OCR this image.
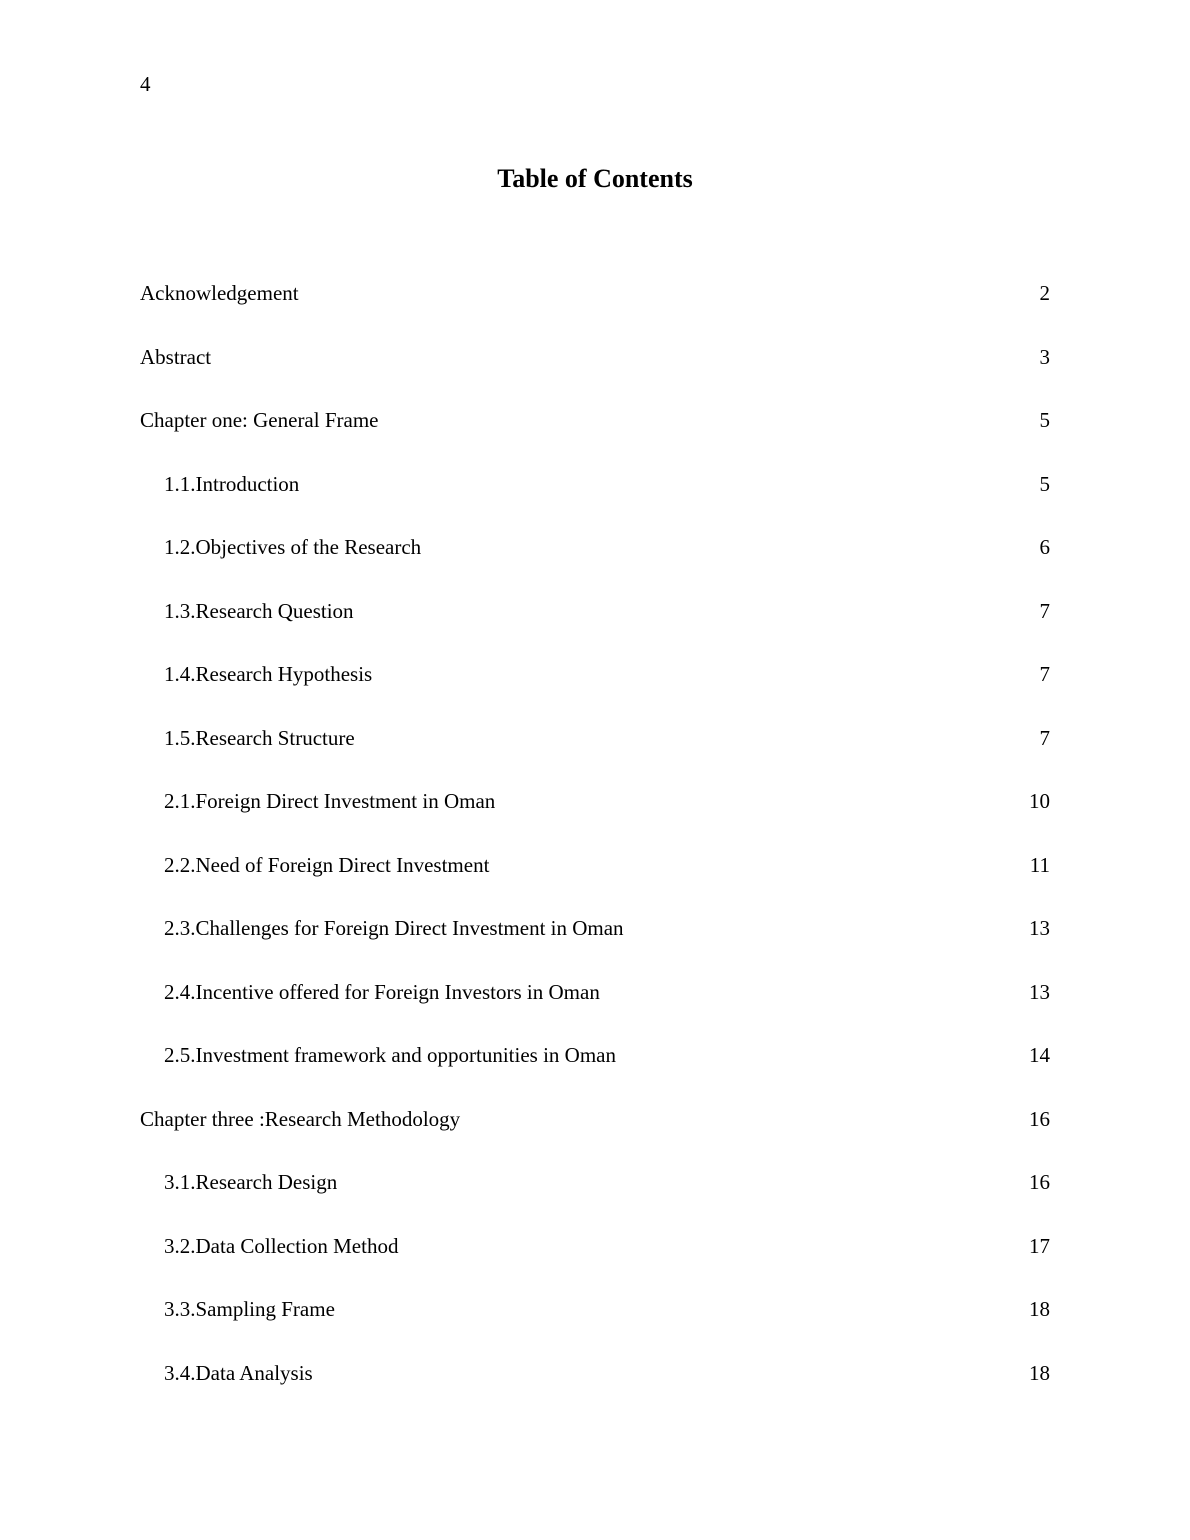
4
Table of Contents
Acknowledgement	2
Abstract	3
Chapter one: General Frame	5
1.1.Introduction	5
1.2.Objectives of the Research	6
1.3.Research Question	7
1.4.Research Hypothesis	7
1.5.Research Structure	7
2.1.Foreign Direct Investment in Oman	10
2.2.Need of Foreign Direct Investment	11
2.3.Challenges for Foreign Direct Investment in Oman	13
2.4.Incentive offered for Foreign Investors in Oman	13
2.5.Investment framework and opportunities in Oman	14
Chapter three :Research Methodology	16
3.1.Research Design	16
3.2.Data Collection Method	17
3.3.Sampling Frame	18
3.4.Data Analysis	18
